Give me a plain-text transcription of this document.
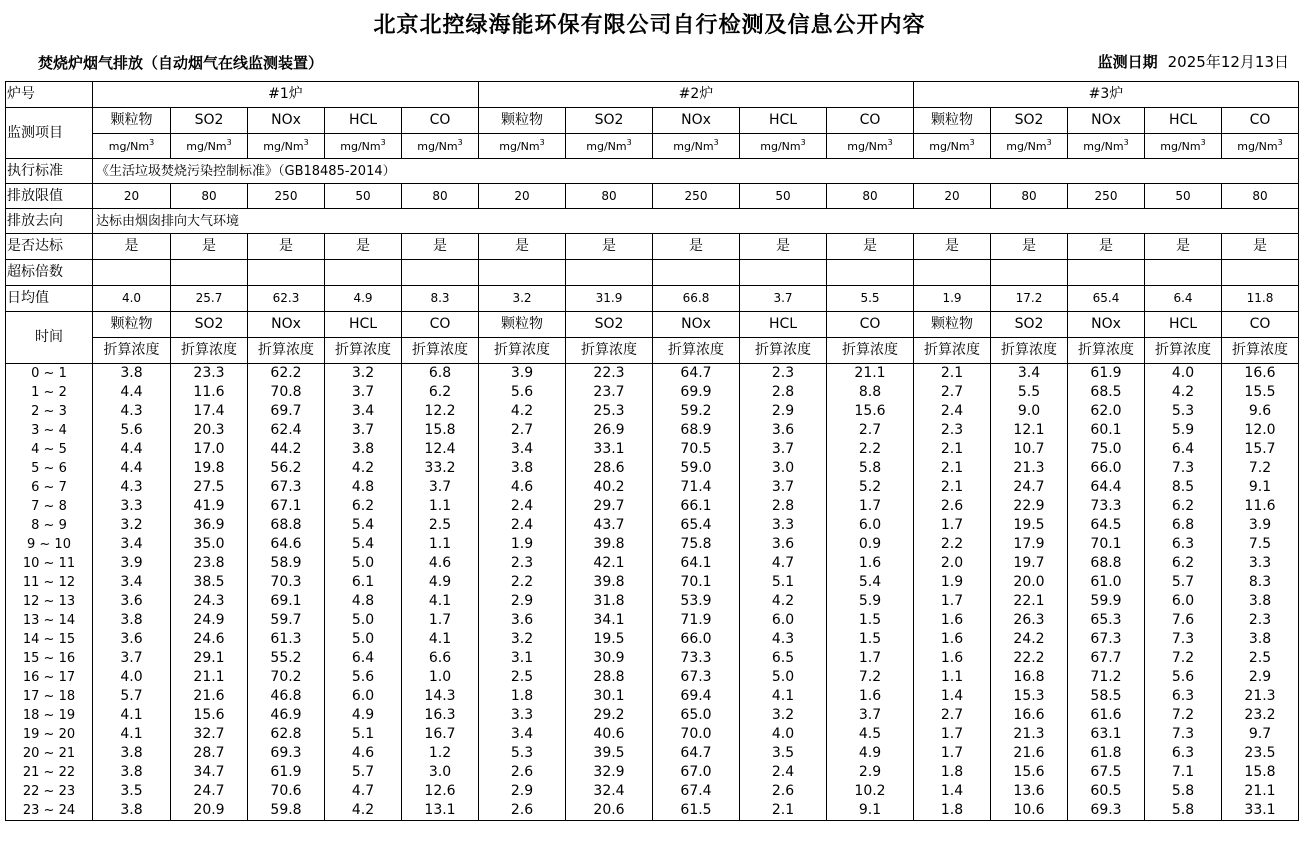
北京北控绿海能环保有限公司自行检测及信息公开内容
焚烧炉烟气排放（自动烟气在线监测装置）	监测日期 2025年12月13日
炉号	#1炉					#2炉					#3炉				
监测项目	颗粒物	SO2	NOx	HCL	CO	颗粒物	SO2	NOx	HCL	CO	颗粒物	SO2	NOx	HCL	CO
	mg/Nm$^3$	mg/Nm$^3$	mg/Nm$^3$	mg/Nm$^3$	mg/Nm$^3$	mg/Nm$^3$	mg/Nm$^3$	mg/Nm$^3$	mg/Nm$^3$	mg/Nm$^3$	mg/Nm$^3$	mg/Nm$^3$	mg/Nm$^3$	mg/Nm$^3$	mg/Nm$^3$
执行标准	《生活垃圾焚烧污染控制标准》（GB18485-2014）														
排放限值	20	80	250	50	80	20	80	250	50	80	20	80	250	50	80
排放去向	达标由烟囱排向大气环境														
是否达标	是	是	是	是	是	是	是	是	是	是	是	是	是	是	是
超标倍数															
日均值	4.0	25.7	62.3	4.9	8.3	3.2	31.9	66.8	3.7	5.5	1.9	17.2	65.4	6.4	11.8
时间	颗粒物	SO2	NOx	HCL	CO	颗粒物	SO2	NOx	HCL	CO	颗粒物	SO2	NOx	HCL	CO
	折算浓度	折算浓度	折算浓度	折算浓度	折算浓度	折算浓度	折算浓度	折算浓度	折算浓度	折算浓度	折算浓度	折算浓度	折算浓度	折算浓度	折算浓度
0 ~ 1	3.8	23.3	62.2	3.2	6.8	3.9	22.3	64.7	2.3	21.1	2.1	3.4	61.9	4.0	16.6
1 ~ 2	4.4	11.6	70.8	3.7	6.2	5.6	23.7	69.9	2.8	8.8	2.7	5.5	68.5	4.2	15.5
2 ~ 3	4.3	17.4	69.7	3.4	12.2	4.2	25.3	59.2	2.9	15.6	2.4	9.0	62.0	5.3	9.6
3 ~ 4	5.6	20.3	62.4	3.7	15.8	2.7	26.9	68.9	3.6	2.7	2.3	12.1	60.1	5.9	12.0
4 ~ 5	4.4	17.0	44.2	3.8	12.4	3.4	33.1	70.5	3.7	2.2	2.1	10.7	75.0	6.4	15.7
5 ~ 6	4.4	19.8	56.2	4.2	33.2	3.8	28.6	59.0	3.0	5.8	2.1	21.3	66.0	7.3	7.2
6 ~ 7	4.3	27.5	67.3	4.8	3.7	4.6	40.2	71.4	3.7	5.2	2.1	24.7	64.4	8.5	9.1
7 ~ 8	3.3	41.9	67.1	6.2	1.1	2.4	29.7	66.1	2.8	1.7	2.6	22.9	73.3	6.2	11.6
8 ~ 9	3.2	36.9	68.8	5.4	2.5	2.4	43.7	65.4	3.3	6.0	1.7	19.5	64.5	6.8	3.9
9 ~ 10	3.4	35.0	64.6	5.4	1.1	1.9	39.8	75.8	3.6	0.9	2.2	17.9	70.1	6.3	7.5
10 ~ 11	3.9	23.8	58.9	5.0	4.6	2.3	42.1	64.1	4.7	1.6	2.0	19.7	68.8	6.2	3.3
11 ~ 12	3.4	38.5	70.3	6.1	4.9	2.2	39.8	70.1	5.1	5.4	1.9	20.0	61.0	5.7	8.3
12 ~ 13	3.6	24.3	69.1	4.8	4.1	2.9	31.8	53.9	4.2	5.9	1.7	22.1	59.9	6.0	3.8
13 ~ 14	3.8	24.9	59.7	5.0	1.7	3.6	34.1	71.9	6.0	1.5	1.6	26.3	65.3	7.6	2.3
14 ~ 15	3.6	24.6	61.3	5.0	4.1	3.2	19.5	66.0	4.3	1.5	1.6	24.2	67.3	7.3	3.8
15 ~ 16	3.7	29.1	55.2	6.4	6.6	3.1	30.9	73.3	6.5	1.7	1.6	22.2	67.7	7.2	2.5
16 ~ 17	4.0	21.1	70.2	5.6	1.0	2.5	28.8	67.3	5.0	7.2	1.1	16.8	71.2	5.6	2.9
17 ~ 18	5.7	21.6	46.8	6.0	14.3	1.8	30.1	69.4	4.1	1.6	1.4	15.3	58.5	6.3	21.3
18 ~ 19	4.1	15.6	46.9	4.9	16.3	3.3	29.2	65.0	3.2	3.7	2.7	16.6	61.6	7.2	23.2
19 ~ 20	4.1	32.7	62.8	5.1	16.7	3.4	40.6	70.0	4.0	4.5	1.7	21.3	63.1	7.3	9.7
20 ~ 21	3.8	28.7	69.3	4.6	1.2	5.3	39.5	64.7	3.5	4.9	1.7	21.6	61.8	6.3	23.5
21 ~ 22	3.8	34.7	61.9	5.7	3.0	2.6	32.9	67.0	2.4	2.9	1.8	15.6	67.5	7.1	15.8
22 ~ 23	3.5	24.7	70.6	4.7	12.6	2.9	32.4	67.4	2.6	10.2	1.4	13.6	60.5	5.8	21.1
23 ~ 24	3.8	20.9	59.8	4.2	13.1	2.6	20.6	61.5	2.1	9.1	1.8	10.6	69.3	5.8	33.1
